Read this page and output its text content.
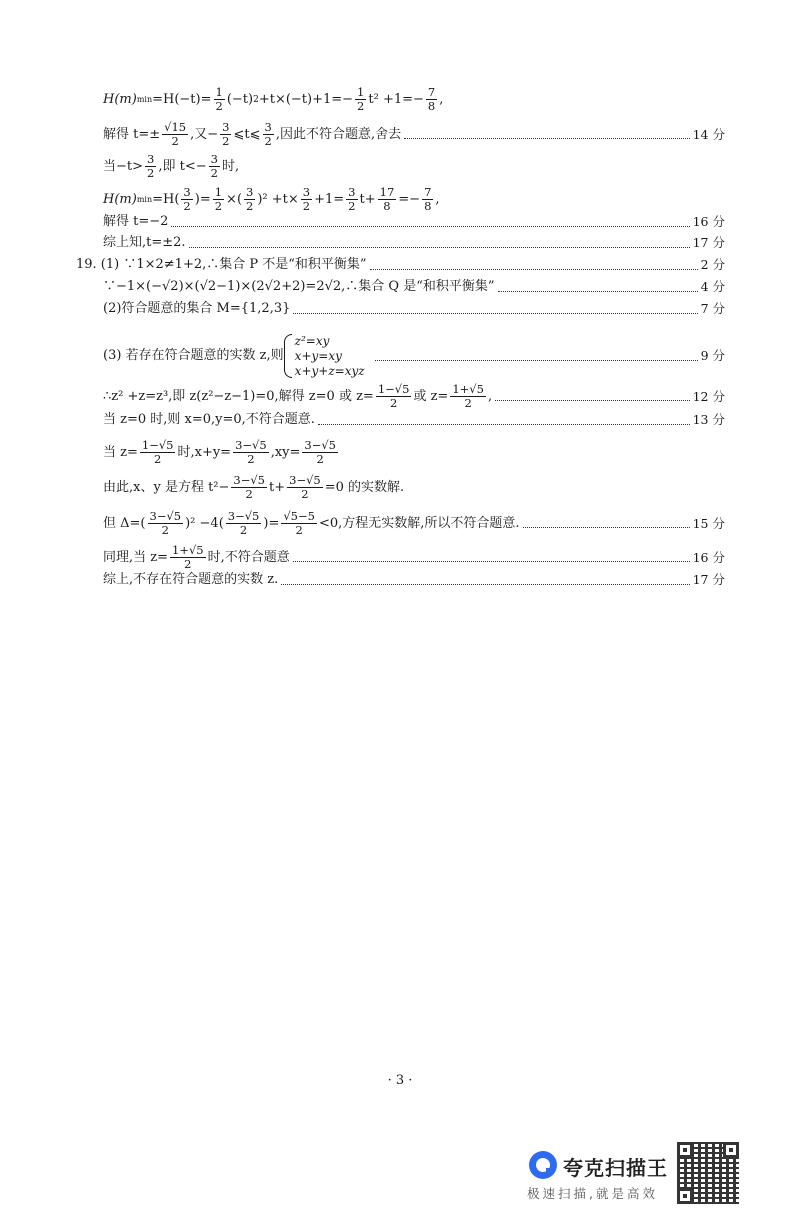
H(m) $\min =H(-t)= \frac{1}{2} (-t)$ $2 +t\times(-t)+1=- \frac{1}{2} t^2 +1=- \frac{7}{8}$ ,
解得 $t=\pm \frac{√15}{2}$ ,又− $\frac{3}{2}$ ⩽t⩽ $\frac{3}{2}$ ,因此不符合题意,舍去	14 分
当$-t> \frac{3}{2}$ ,即 $t<- \frac{3}{2}$ 时,
H(m) $\min =H( \frac{3}{2}$ )= $\frac{1}{2}$ ×( $\frac{3}{2} )^2 +t\times \frac{3}{2} +1= \frac{3}{2} t+ \frac{17}{8} =- \frac{7}{8}$ ,
解得 t=−2	16 分
综上知,t=±2.	17 分
19. (1) ∵1×2≠1+2,∴集合 P 不是“和积平衡集”	2 分
∵−1×(−√2)×(√2−1)×(2√2+2)=2√2,∴集合 Q 是“和积平衡集”	4 分
(2)符合题意的集合 M={1,2,3}	7 分
(3) 若存在符合题意的实数 z,则
z²=xy
x+y=xy
x+y+z=xyz
9 分
∴z² +z=z³,即 z(z²−z−1)=0,解得 z=0 或 $z= \frac{1-√5}{2}$ 或 $z= \frac{1+√5}{2}$ ,	12 分
当 z=0 时,则 x=0,y=0,不符合题意.	13 分
当 $z= \frac{1-√5}{2}$ 时$,x+y= \frac{3-√5}{2} ,xy= \frac{3-√5}{2}$
由此,x、y 是方程 $t^2- \frac{3-√5}{2} t+ \frac{3-√5}{2} =0$ 的实数解.
但 $\Delta=( \frac{3-√5}{2} )^2 -4( \frac{3-√5}{2}$ )= $\frac{√5-5}{2} <0$,方程无实数解,所以不符合题意.	15 分
同理,当 $z= \frac{1+√5}{2}$ 时,不符合题意	16 分
综上,不存在符合题意的实数 z.	17 分
· 3 ·
夸克扫描王
极速扫描,就是高效
